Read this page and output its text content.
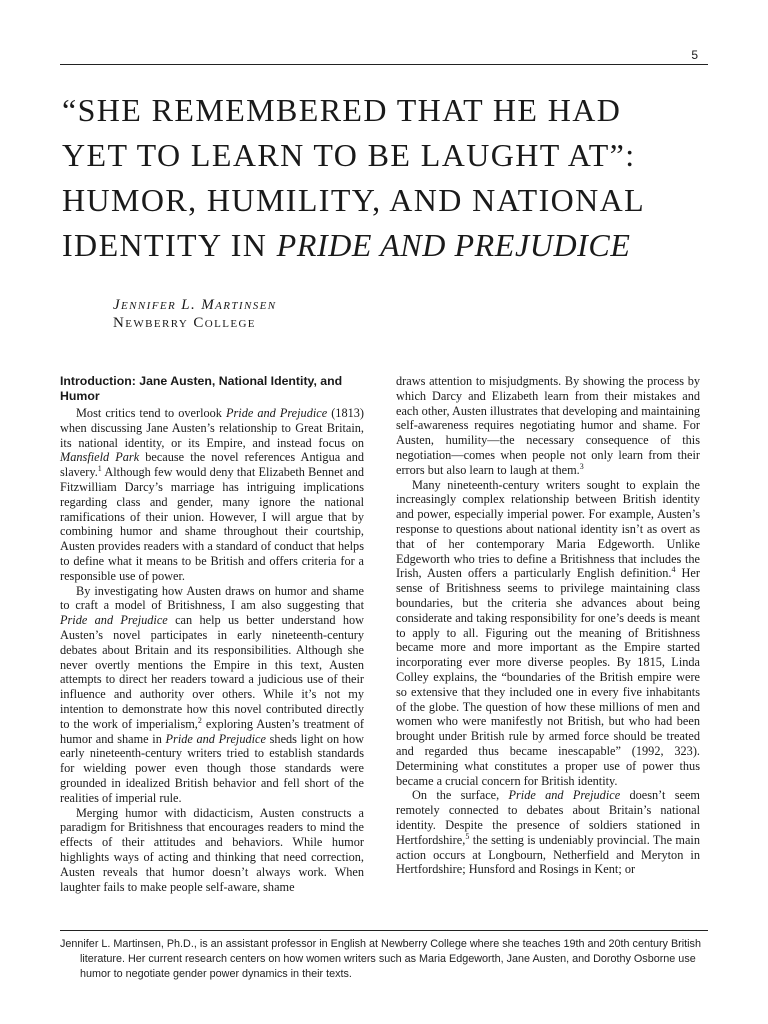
5
“SHE REMEMBERED THAT HE HAD
YET TO LEARN TO BE LAUGHT AT”:
HUMOR, HUMILITY, AND NATIONAL
IDENTITY IN PRIDE AND PREJUDICE
Jennifer L. Martinsen
Newberry College
Introduction: Jane Austen, National Identity, and Humor

Most critics tend to overlook Pride and Prejudice (1813) when discussing Jane Austen’s relationship to Great Britain, its national identity, or its Empire, and instead focus on Mansfield Park because the novel references Antigua and slavery.$^1$ Although few would deny that Elizabeth Bennet and Fitzwilliam Darcy’s marriage has intriguing implications regarding class and gender, many ignore the national ramifications of their union. However, I will argue that by combining humor and shame throughout their courtship, Austen provides readers with a standard of conduct that helps to define what it means to be British and offers criteria for a responsible use of power.

By investigating how Austen draws on humor and shame to craft a model of Britishness, I am also suggesting that Pride and Prejudice can help us better understand how Austen’s novel participates in early nineteenth-century debates about Britain and its responsibilities. Although she never overtly mentions the Empire in this text, Austen attempts to direct her readers toward a judicious use of their influence and authority over others. While it’s not my intention to demonstrate how this novel contributed directly to the work of imperialism,$^2$ exploring Austen’s treatment of humor and shame in Pride and Prejudice sheds light on how early nineteenth-century writers tried to establish standards for wielding power even though those standards were grounded in idealized British behavior and fell short of the realities of imperial rule.

Merging humor with didacticism, Austen constructs a paradigm for Britishness that encourages readers to mind the effects of their attitudes and behaviors. While humor highlights ways of acting and thinking that need correction, Austen reveals that humor doesn’t always work. When laughter fails to make people self-aware, shame

draws attention to misjudgments. By showing the process by which Darcy and Elizabeth learn from their mistakes and each other, Austen illustrates that developing and maintaining self-awareness requires negotiating humor and shame. For Austen, humility—the necessary consequence of this negotiation—comes when people not only learn from their errors but also learn to laugh at them.$^3$

Many nineteenth-century writers sought to explain the increasingly complex relationship between British identity and power, especially imperial power. For example, Austen’s response to questions about national identity isn’t as overt as that of her contemporary Maria Edgeworth. Unlike Edgeworth who tries to define a Britishness that includes the Irish, Austen offers a particularly English definition.$^4$ Her sense of Britishness seems to privilege maintaining class boundaries, but the criteria she advances about being considerate and taking responsibility for one’s deeds is meant to apply to all. Figuring out the meaning of Britishness became more and more important as the Empire started incorporating ever more diverse peoples. By 1815, Linda Colley explains, the “boundaries of the British empire were so extensive that they included one in every five inhabitants of the globe. The question of how these millions of men and women who were manifestly not British, but who had been brought under British rule by armed force should be treated and regarded thus became inescapable” (1992, 323). Determining what constitutes a proper use of power thus became a crucial concern for British identity.

On the surface, Pride and Prejudice doesn’t seem remotely connected to debates about Britain’s national identity. Despite the presence of soldiers stationed in Hertfordshire,$^5$ the setting is undeniably provincial. The main action occurs at Longbourn, Netherfield and Meryton in Hertfordshire; Hunsford and Rosings in Kent; or

Jennifer L. Martinsen, Ph.D., is an assistant professor in English at Newberry College where she teaches 19th and 20th century British literature. Her current research centers on how women writers such as Maria Edgeworth, Jane Austen, and Dorothy Osborne use humor to negotiate gender power dynamics in their texts.
